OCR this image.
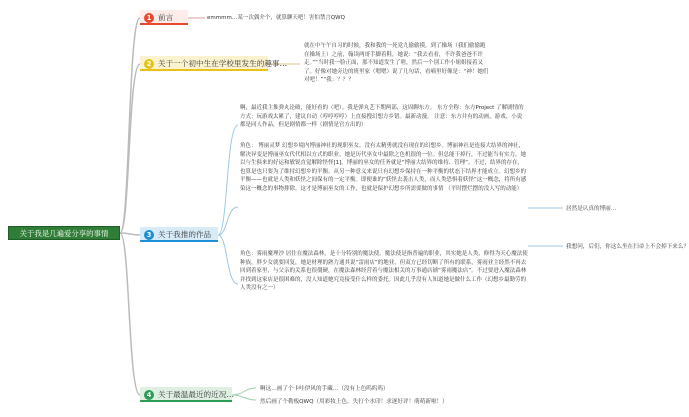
关于我是几遍爱分享的事情
1 前言	emmmm…某一次偶介个，就算聊天吧！害怕禁言QWQ
2 关于一个初中生在学校里发生的趣事…
就在中午午自习的时候，我和我的一死党九偷偷摸，到了操场（我们偷偷跑在操场上）之前，翰读两哥手脚着鞋，她说：“我去看看，不许我爸爸不许走。”“当时我一脸正面，那不知道发生了啥，然后一个别工作小姐姐接着又了。好像对她旁边的班里家（嗯嗯）说了几句话，看嘀里好像是：“神！她们对吧！”“我：？？？
3 关于我推的作品
啊，最近我主推弹丸论破，能好看的（吧）。我是弹丸艺下期两部，这周聊东方。 东方全称：东方Project 了解剧情的方式：玩游戏太累了，建议自动（哼哼哼哼）上直接搜幻想方乡错。最新动漫。 注意：东方并有的动画，游戏、小说都是同人作品，但是剧情都一样（剧情是官方出的）
角色： 博丽灵梦 幻想乡境内博丽神社的现职巫女。没有太精勇就没有现在的幻想乡。博丽神社是连接大结界的神社，解决异变是博丽巫女代代相以方式的职业。她是历代巫女中最除之色机很的一位。但总能干掉行，不过能当有实力。她以与生俱来的好运和敏锐直觉解除怪怪[1]。博丽的巫女的任务就是“博丽大结界的维持、管理”。不过，结界的存在，也算是也只要为了维持幻想乡的平衡。从另一种意义来说只有幻想乡保持在一种平衡的状态下结界才能成立。幻想乡的平衡——也就是人类和妖怪之间保有的一定平衡。即便谁的“妖怪去袭击人类，而人类恐惧着妖怪”这一概念，将所有感染这一概念的事物排除。这才是博丽巫女的工作，也就是保护幻想乡所需要做的事情 （平时摆烂摆的没人写的动能）
角色：雾雨魔理沙 居住在魔法森林，是十分特别的魔法使。魔法使是指普遍的职业，其实她是人类，修得为天心魔法使种族，胖少女就要回复，她是材理的熟力通其说“雷雨店”的地业，但双方已经切断了所有的联系，雾雨业主经然不再去回到着家里，与父亲的关系也很僵硬，在魔法森林经营着与魔法相关的万事通店铺“雾雨魔法店”。不过要进入魔法森林并找到这家店是很困难的，没人知道她究竟接受什么样的委托。因此几乎没有人知道她是做什么工作（幻想乡最勤劳的人类没有之一）
居然是认真的博丽…
我想问，后们，你这么坐在扫帚上不会掉下来么？
4 关于最温最近的近况…
啊这…画了个卡哇伊风的手藏…（没有上色呜呜呜）
然后画了个勒板QWQ（用彩妆上色，失打个水印！求逐好评！萌萌新啦！）
